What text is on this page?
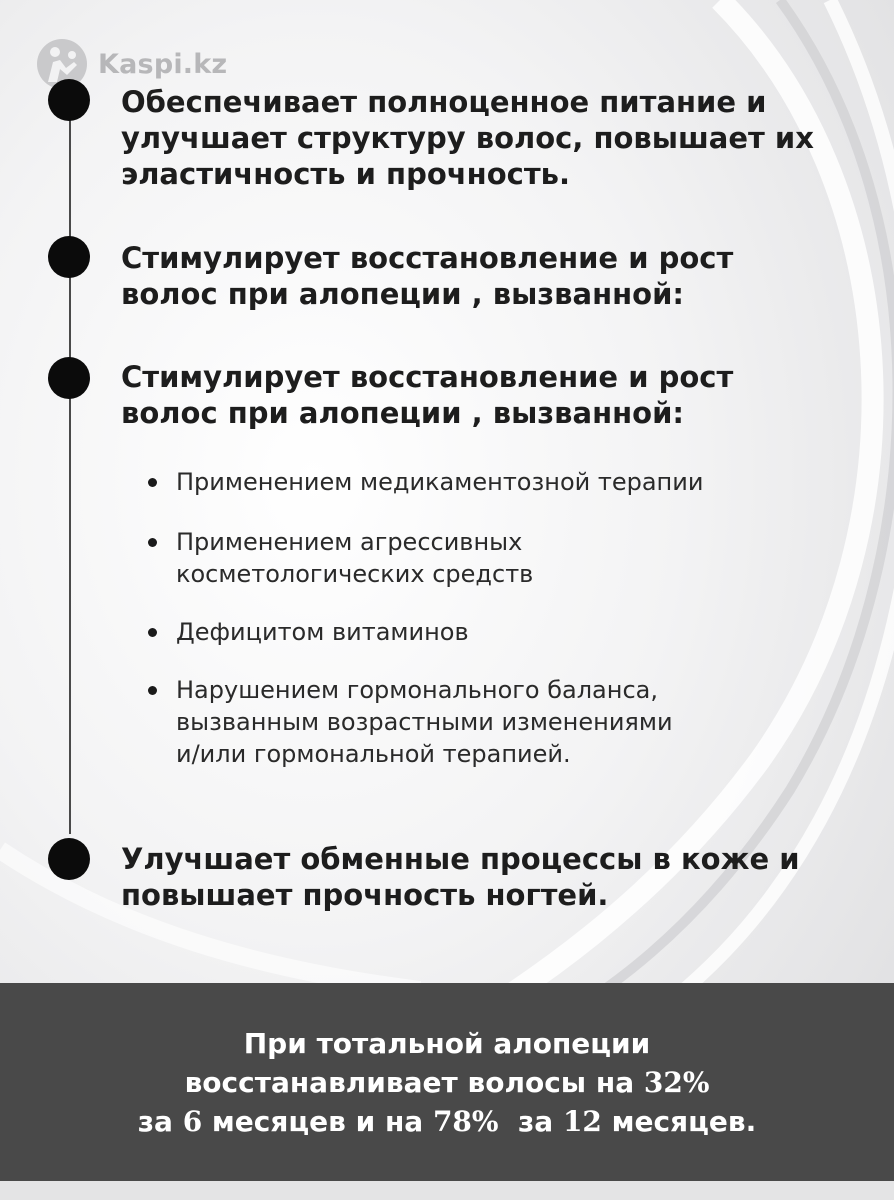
Kaspi.kz
Обеспечивает полноценное питание и
улучшает структуру волос, повышает их
эластичность и прочность.
Стимулирует восстановление и рост
волос при алопеции , вызванной:
Стимулирует восстановление и рост
волос при алопеции , вызванной:
Применением медикаментозной терапии
Применением агрессивных
косметологических средств
Дефицитом витаминов
Нарушением гормонального баланса,
вызванным возрастными изменениями
и/или гормональной терапией.
Улучшает обменные процессы в коже и
повышает прочность ногтей.
При тотальной алопеции
восстанавливает волосы на 32%
за 6 месяцев и на 78%  за 12 месяцев.
